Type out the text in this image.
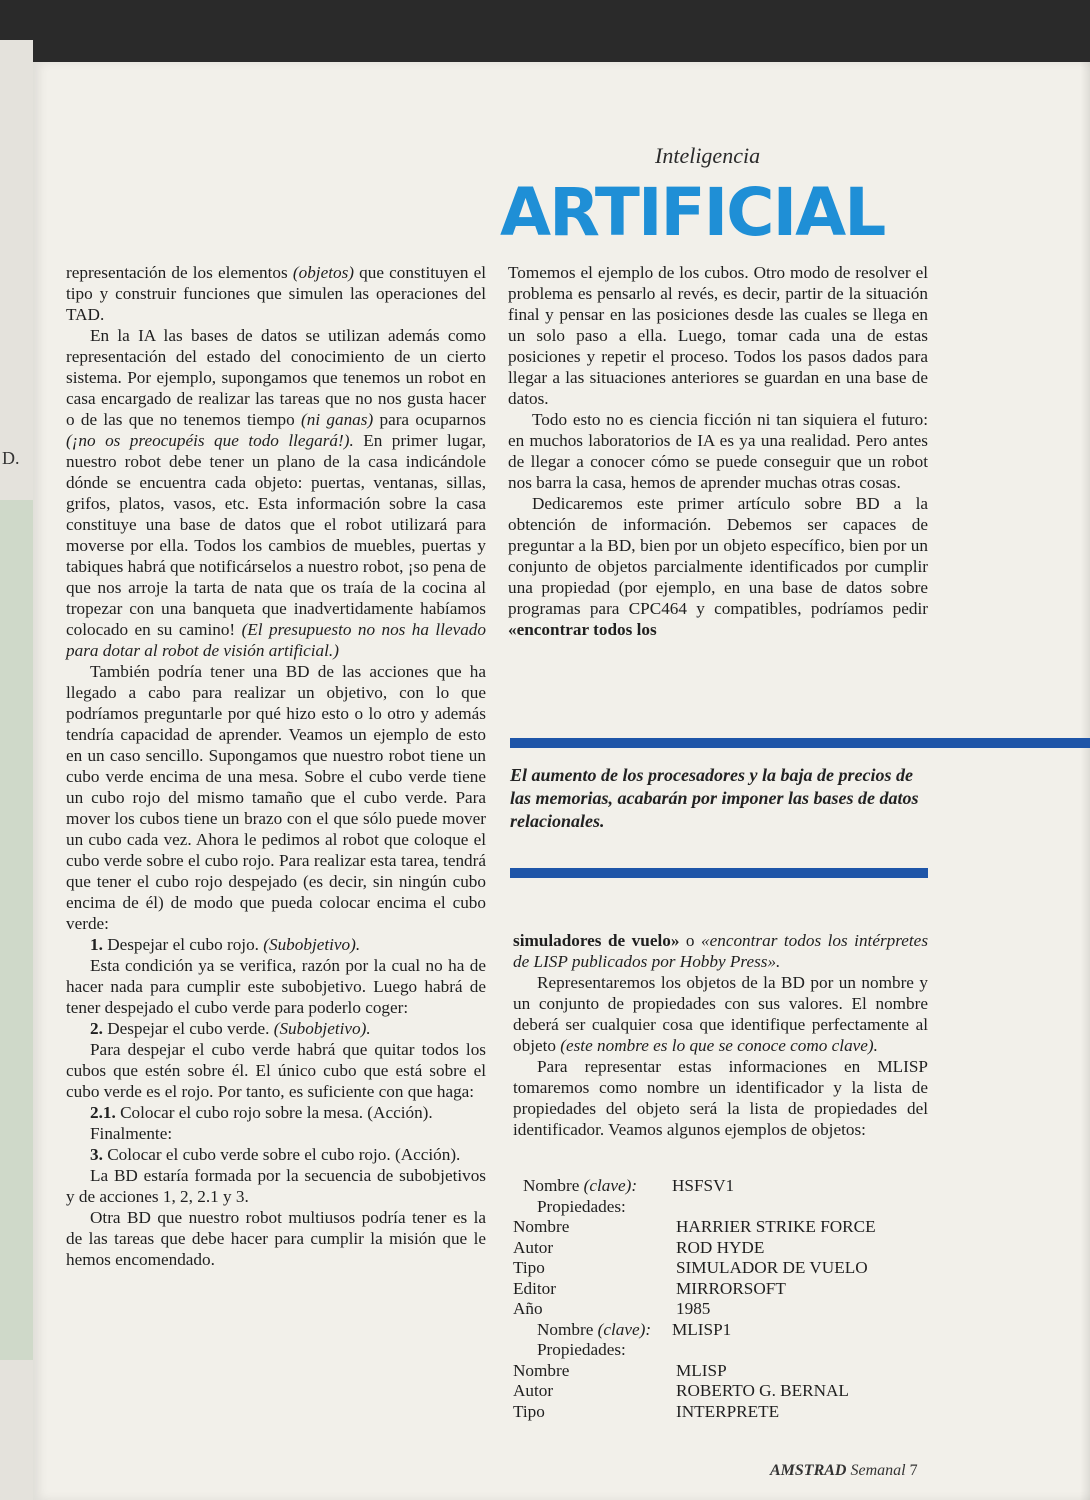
D.
Inteligencia
ARTIFICIAL

representación de los elementos (objetos) que constituyen el tipo y construir funciones que simulen las operaciones del TAD.

En la IA las bases de datos se utilizan además como representación del estado del conocimiento de un cierto sistema. Por ejemplo, supongamos que tenemos un robot en casa encargado de realizar las tareas que no nos gusta hacer o de las que no tenemos tiempo (ni ganas) para ocuparnos (¡no os preocupéis que todo llegará!). En primer lugar, nuestro robot debe tener un plano de la casa indicándole dónde se encuentra cada objeto: puertas, ventanas, sillas, grifos, platos, vasos, etc. Esta información sobre la casa constituye una base de datos que el robot utilizará para moverse por ella. Todos los cambios de muebles, puertas y tabiques habrá que notificárselos a nuestro robot, ¡so pena de que nos arroje la tarta de nata que os traía de la cocina al tropezar con una banqueta que inadvertidamente habíamos colocado en su camino! (El presupuesto no nos ha llevado para dotar al robot de visión artificial.)

También podría tener una BD de las acciones que ha llegado a cabo para realizar un objetivo, con lo que podríamos preguntarle por qué hizo esto o lo otro y además tendría capacidad de aprender. Veamos un ejemplo de esto en un caso sencillo. Supongamos que nuestro robot tiene un cubo verde encima de una mesa. Sobre el cubo verde tiene un cubo rojo del mismo tamaño que el cubo verde. Para mover los cubos tiene un brazo con el que sólo puede mover un cubo cada vez. Ahora le pedimos al robot que coloque el cubo verde sobre el cubo rojo. Para realizar esta tarea, tendrá que tener el cubo rojo despejado (es decir, sin ningún cubo encima de él) de modo que pueda colocar encima el cubo verde:

1. Despejar el cubo rojo. (Subobjetivo).

Esta condición ya se verifica, razón por la cual no ha de hacer nada para cumplir este subobjetivo. Luego habrá de tener despejado el cubo verde para poderlo coger:

2. Despejar el cubo verde. (Subobjetivo).

Para despejar el cubo verde habrá que quitar todos los cubos que estén sobre él. El único cubo que está sobre el cubo verde es el rojo. Por tanto, es suficiente con que haga:

2.1. Colocar el cubo rojo sobre la mesa. (Acción).

Finalmente:

3. Colocar el cubo verde sobre el cubo rojo. (Acción).

La BD estaría formada por la secuencia de subobjetivos y de acciones 1, 2, 2.1 y 3.

Otra BD que nuestro robot multiusos podría tener es la de las tareas que debe hacer para cumplir la misión que le hemos encomendado.

Tomemos el ejemplo de los cubos. Otro modo de resolver el problema es pensarlo al revés, es decir, partir de la situación final y pensar en las posiciones desde las cuales se llega en un solo paso a ella. Luego, tomar cada una de estas posiciones y repetir el proceso. Todos los pasos dados para llegar a las situaciones anteriores se guardan en una base de datos.

Todo esto no es ciencia ficción ni tan siquiera el futuro: en muchos laboratorios de IA es ya una realidad. Pero antes de llegar a conocer cómo se puede conseguir que un robot nos barra la casa, hemos de aprender muchas otras cosas.

Dedicaremos este primer artículo sobre BD a la obtención de información. Debemos ser capaces de preguntar a la BD, bien por un objeto específico, bien por un conjunto de objetos parcialmente identificados por cumplir una propiedad (por ejemplo, en una base de datos sobre programas para CPC464 y compatibles, podríamos pedir «encontrar todos los

El aumento de los procesadores y la baja de precios de las memorias, acabarán por imponer las bases de datos relacionales.

simuladores de vuelo» o «encontrar todos los intérpretes de LISP publicados por Hobby Press».

Representaremos los objetos de la BD por un nombre y un conjunto de propiedades con sus valores. El nombre deberá ser cualquier cosa que identifique perfectamente al objeto (este nombre es lo que se conoce como clave).

Para representar estas informaciones en MLISP tomaremos como nombre un identificador y la lista de propiedades del objeto será la lista de propiedades del identificador. Veamos algunos ejemplos de objetos:

Nombre (clave): HSFSV1
Propiedades:
Nombre	HARRIER STRIKE FORCE
Autor	ROD HYDE
Tipo	SIMULADOR DE VUELO
Editor	MIRRORSOFT
Año	1985
Nombre (clave): MLISP1
Propiedades:
Nombre	MLISP
Autor	ROBERTO G. BERNAL
Tipo	INTERPRETE
AMSTRAD Semanal 7
